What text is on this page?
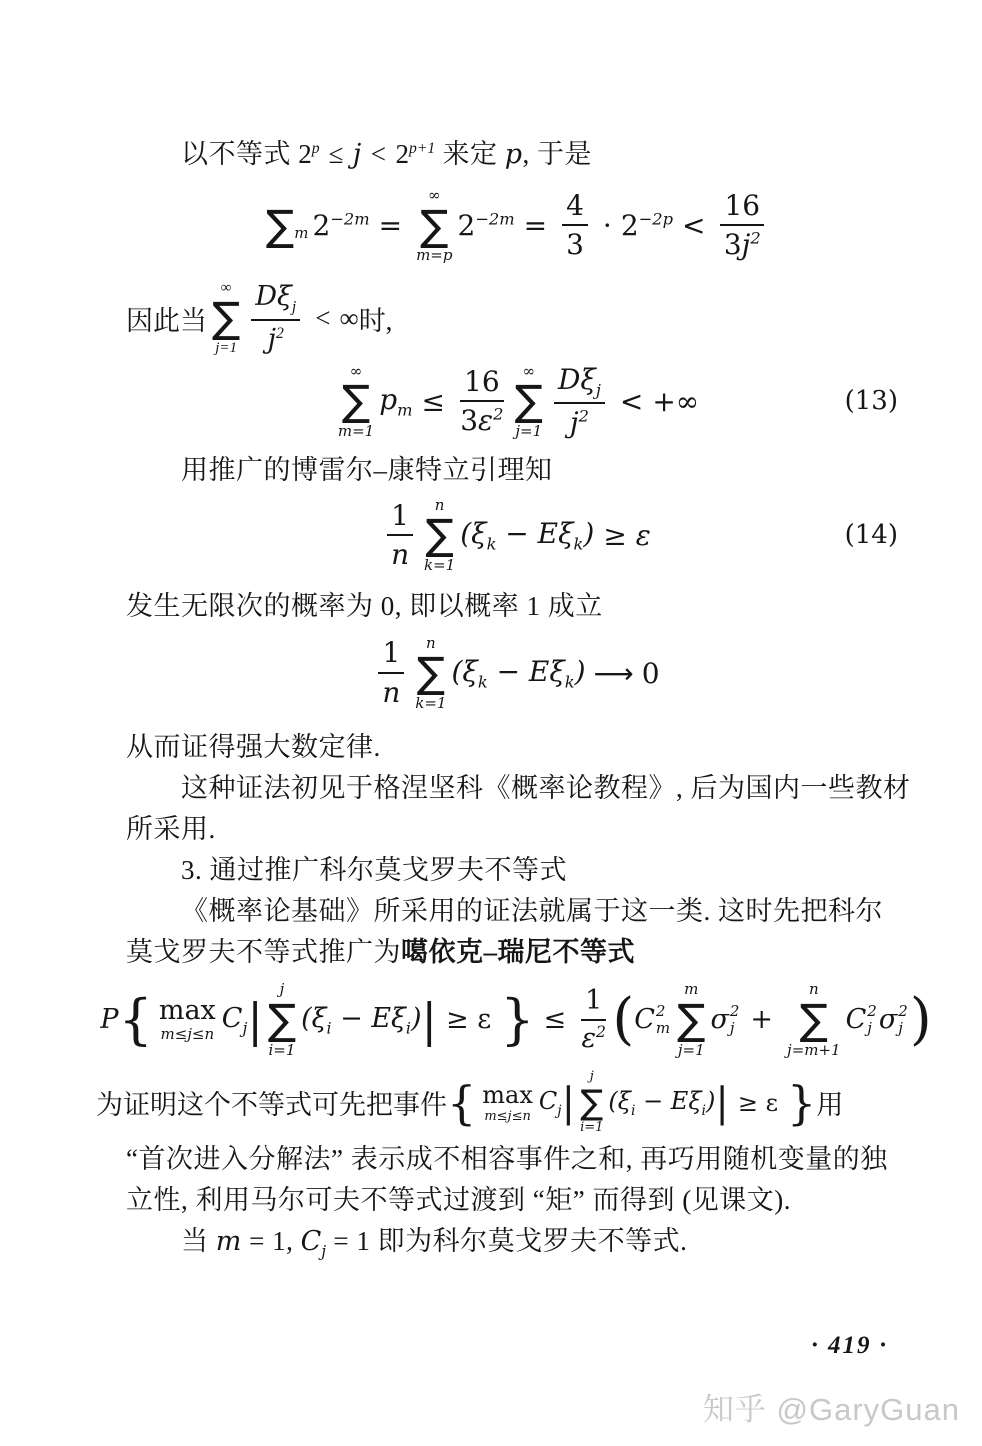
以不等式 $2^p \le j < 2^{p+1}$ 来定 p, 于是
∑ m $2^{-2m}$ =
∞
∑
m=p
$2^{-2m} = \frac{4}{3} \cdot 2^{-2p} < \frac{16}{3j^2}$
因此当
∞
∑
$j=1 \frac{D\xi_j}{j^2}$ < ∞ 时,
∞
∑
m=1
$p_m \le \frac{16}{3\varepsilon^2}$ ∞
∑
$j=1 \frac{D\xi_j}{j^2}$ < +∞	(13)
用推广的博雷尔–康特立引理知
$\frac{1}{n}$ n
∑
k=1
$(\xi_k - E\xi_k) \ge \varepsilon$	(14)
发生无限次的概率为 0, 即以概率 1 成立
$\frac{1}{n}$ n
∑
k=1
$(\xi_k - E\xi_k)$ ⟶ 0
从而证得强大数定律.
这种证法初见于格涅坚科《概率论教程》, 后为国内一些教材
所采用.
3. 通过推广科尔莫戈罗夫不等式
《概率论基础》所采用的证法就属于这一类. 这时先把科尔
莫戈罗夫不等式推广为噶依克–瑞尼不等式
P { max
m≤j≤n
$C_j$ |
j
∑
i=1
$(\xi_i - E\xi_i)$ | ≥ ε } ≤ $\frac{1}{\varepsilon^2}$ ( C 2
m
m
∑
j=1
σ 2
j +
n
∑
j=m+1
C 2
j σ 2
j )
为证明这个不等式可先把事件 { max
m≤j≤n
$C_j$ |
j
∑
i=1
$(\xi_i - E\xi_i)$ | ≥ ε } 用
“首次进入分解法” 表示成不相容事件之和, 再巧用随机变量的独
立性, 利用马尔可夫不等式过渡到 “矩” 而得到 (见课文).
当 m = 1, $C_j = 1$ 即为科尔莫戈罗夫不等式.
· 419 ·
知乎 @GaryGuan
